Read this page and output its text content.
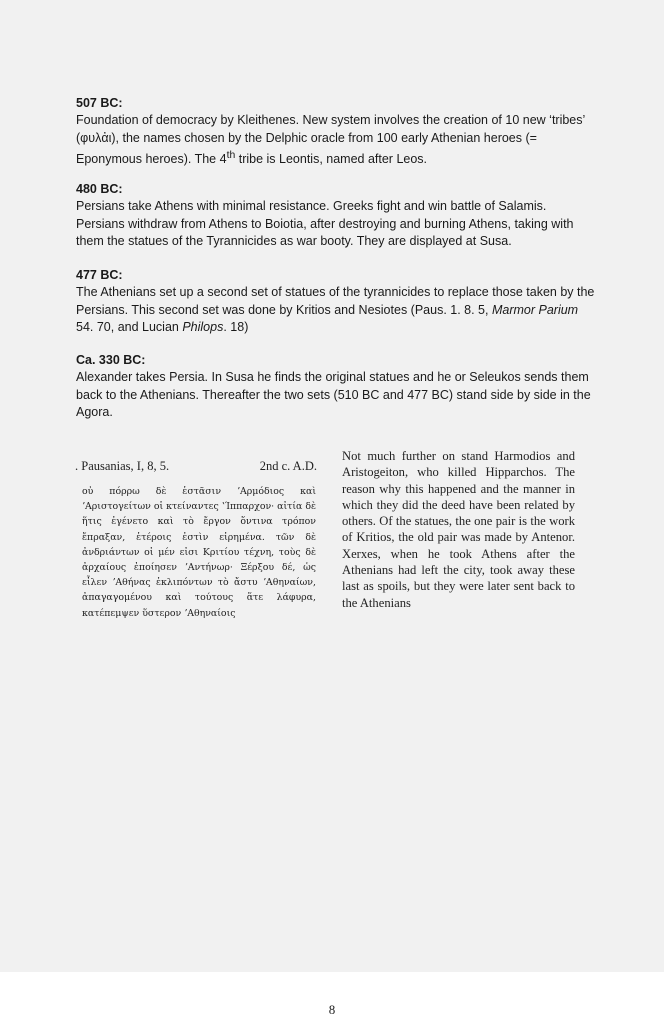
507 BC:
Foundation of democracy by Kleithenes. New system involves the creation of 10 new ‘tribes’ (φυλἀι), the names chosen by the Delphic oracle from 100 early Athenian heroes (= Eponymous heroes). The 4th tribe is Leontis, named after Leos.
480 BC:
Persians take Athens with minimal resistance. Greeks fight and win battle of Salamis. Persians withdraw from Athens to Boiotia, after destroying and burning Athens, taking with them the statues of the Tyrannicides as war booty. They are displayed at Susa.
477 BC:
The Athenians set up a second set of statues of the tyrannicides to replace those taken by the Persians. This second set was done by Kritios and Nesiotes (Paus. 1. 8. 5, Marmor Parium 54. 70, and Lucian Philops. 18)
Ca. 330 BC:
Alexander takes Persia. In Susa he finds the original statues and he or Seleukos sends them back to the Athenians. Thereafter the two sets (510 BC and 477 BC) stand side by side in the Agora.
. Pausanias, I, 8, 5.	2nd c. A.D.
οὐ πόρρω δὲ ἑστᾶσιν ʼΑρμόδιος καὶ ʼΑριστογείτων οἱ κτείναντες ʽΊππαρχον· αἰτία δὲ ἥτις ἐγένετο καὶ τὸ ἔργον ὅντινα τρόπον ἔπραξαν, ἑτέροις ἐστὶν εἰρημένα. τῶν δὲ ἀνδριάντων οἱ μέν εἰσι Κριτίου τέχνη, τοὺς δὲ ἀρχαίους ἐποίησεν ʼΑντήνωρ· Ξέρξου δέ, ὡς εἷλεν ʼΑθήνας ἐκλιπόντων τὸ ἄστυ ʼΑθηναίων, ἀπαγαγομένου καὶ τούτους ἅτε λάφυρα, κατέπεμψεν ὕστερον ʼΑθηναίοις
Not much further on stand Harmodios and Aristogeiton, who killed Hipparchos. The reason why this happened and the manner in which they did the deed have been related by others. Of the statues, the one pair is the work of Kritios, the old pair was made by Antenor. Xerxes, when he took Athens after the Athenians had left the city, took away these last as spoils, but they were later sent back to the Athenians
8
